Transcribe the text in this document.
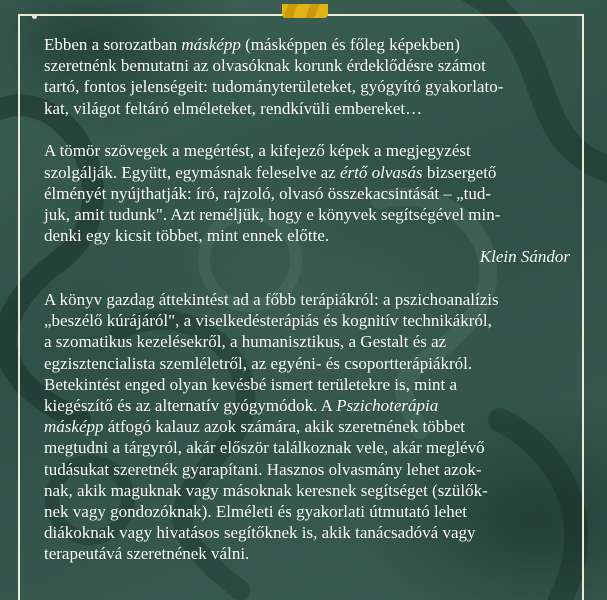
Ebben a sorozatban másképp (másképpen és főleg képekben)
szeretnénk bemutatni az olvasóknak korunk érdeklődésre számot
tartó, fontos jelenségeit: tudományterületeket, gyógyító gyakorlato-
kat, világot feltáró elméleteket, rendkívüli embereket…
A tömör szövegek a megértést, a kifejező képek a megjegyzést
szolgálják. Együtt, egymásnak feleselve az értő olvasás bizsergető
élményét nyújthatják: író, rajzoló, olvasó összekacsintását – „tud-
juk, amit tudunk". Azt reméljük, hogy e könyvek segítségével min-
denki egy kicsit többet, mint ennek előtte.
Klein Sándor
A könyv gazdag áttekintést ad a főbb terápiákról: a pszichoanalízis
„beszélő kúrájáról", a viselkedésterápiás és kognitív technikákról,
a szomatikus kezelésekről, a humanisztikus, a Gestalt és az
egzisztencialista szemléletről, az egyéni- és csoportterápiákról.
Betekintést enged olyan kevésbé ismert területekre is, mint a
kiegészítő és az alternatív gyógymódok. A Pszichoterápia
másképp átfogó kalauz azok számára, akik szeretnének többet
megtudni a tárgyról, akár először találkoznak vele, akár meglévő
tudásukat szeretnék gyarapítani. Hasznos olvasmány lehet azok-
nak, akik maguknak vagy másoknak keresnek segítséget (szülők-
nek vagy gondozóknak). Elméleti és gyakorlati útmutató lehet
diákoknak vagy hivatásos segítőknek is, akik tanácsadóvá vagy
terapeutává szeretnének válni.
